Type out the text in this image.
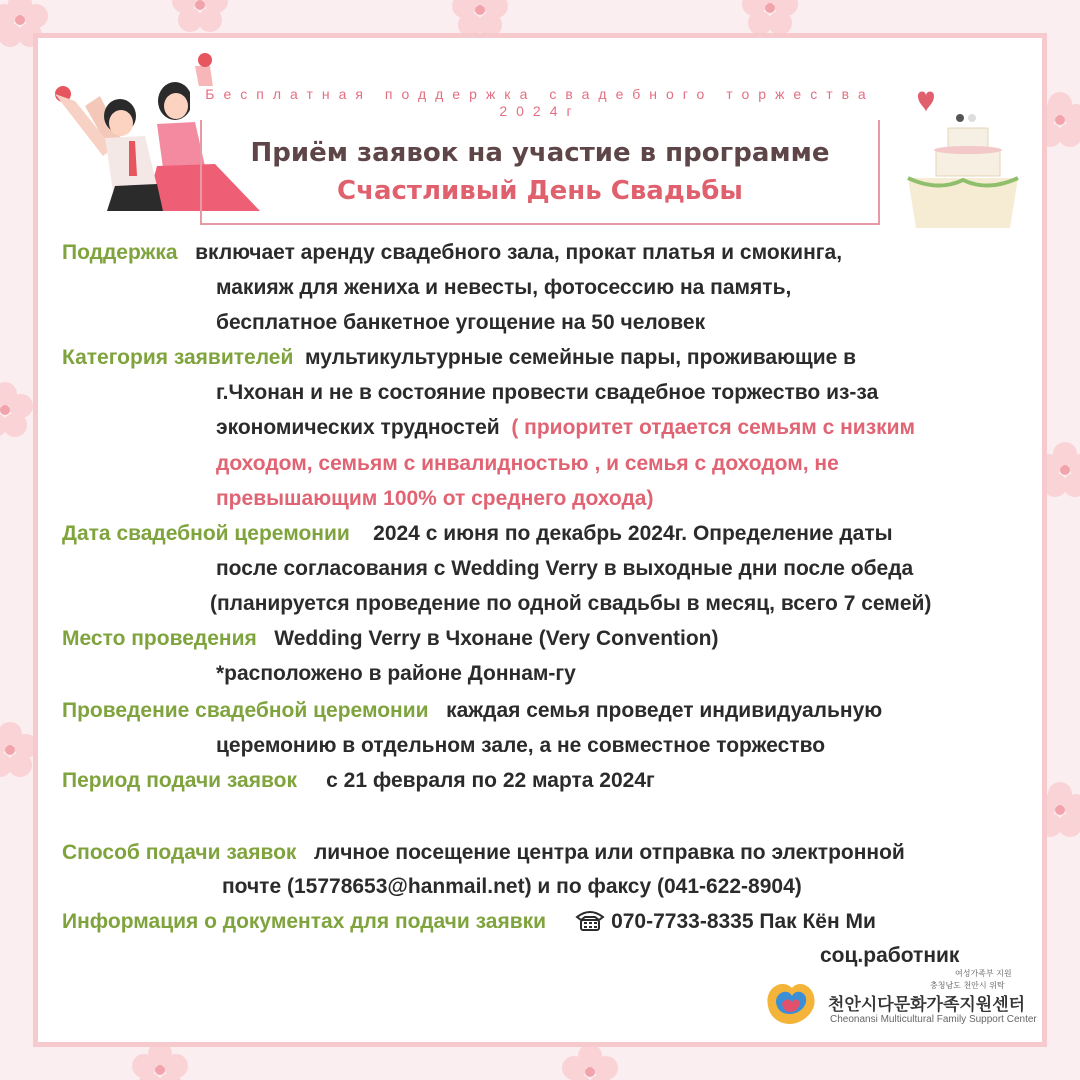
Бесплатная поддержка свадебного торжества 2024г
Приём заявок на участие в программе
Счастливый День Свадьбы
Поддержка включает аренду свадебного зала, прокат платья и смокинга,
макияж для жениха и невесты, фотосессию на память,
бесплатное банкетное угощение на 50 человек
Категория заявителей мультикультурные семейные пары, проживающие в
г.Чхонан и не в состояние провести свадебное торжество из-за
экономических трудностей ( приоритет отдается семьям с низким
доходом, семьям с инвалидностью , и семья с доходом, не
превышающим 100% от среднего дохода)
Дата свадебной церемонии 2024 с июня по декабрь 2024г. Определение даты
после согласования с Wedding Verry в выходные дни после обеда
(планируется проведение по одной свадьбы в месяц, всего 7 семей)
Место проведения Wedding Verry в Чхонане (Very Convention)
*расположено в районе Доннам-гу
Проведение свадебной церемонии каждая семья проведет индивидуальную
церемонию в отдельном зале, а не совместное торжество
Период подачи заявок с 21 февраля по 22 марта 2024г
Способ подачи заявок личное посещение центра или отправка по электронной
почте (15778653@hanmail.net) и по факсу (041-622-8904)
Информация о документах для подачи заявки	070-7733-8335 Пак Кён Ми
соц.работник
여성가족부 지원
충청남도 천안시 위탁
천안시다문화가족지원센터
Cheonansi Multicultural Family Support Center
